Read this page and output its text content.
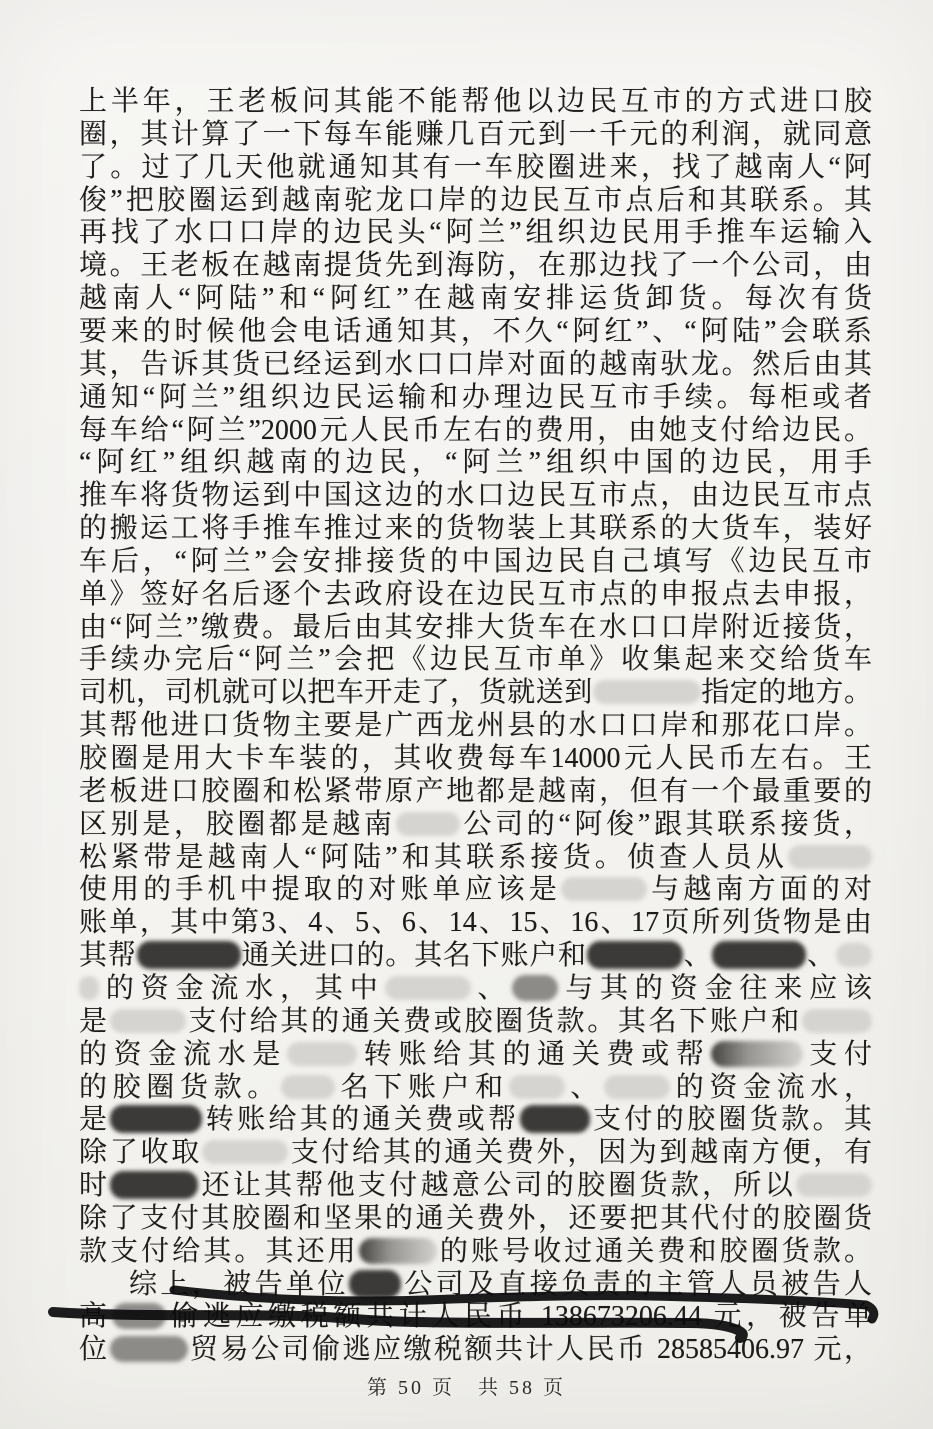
上半年，王老板问其能不能帮他以边民互市的方式进口胶
圈，其计算了一下每车能赚几百元到一千元的利润，就同意
了。过了几天他就通知其有一车胶圈进来，找了越南人“阿
俊”把胶圈运到越南驼龙口岸的边民互市点后和其联系。其
再找了水口口岸的边民头“阿兰”组织边民用手推车运输入
境。王老板在越南提货先到海防，在那边找了一个公司，由
越南人“阿陆”和“阿红”在越南安排运货卸货。每次有货
要来的时候他会电话通知其，不久“阿红”、“阿陆”会联系
其，告诉其货已经运到水口口岸对面的越南驮龙。然后由其
通知“阿兰”组织边民运输和办理边民互市手续。每柜或者
每车给“阿兰”2000元人民币左右的费用，由她支付给边民。
“阿红”组织越南的边民，“阿兰”组织中国的边民，用手
推车将货物运到中国这边的水口边民互市点，由边民互市点
的搬运工将手推车推过来的货物装上其联系的大货车，装好
车后，“阿兰”会安排接货的中国边民自己填写《边民互市
单》签好名后逐个去政府设在边民互市点的申报点去申报，
由“阿兰”缴费。最后由其安排大货车在水口口岸附近接货，
手续办完后“阿兰”会把《边民互市单》收集起来交给货车
司机，司机就可以把车开走了，货就送到	指定的地方。
其帮他进口货物主要是广西龙州县的水口口岸和那花口岸。
胶圈是用大卡车装的，其收费每车14000元人民币左右。王
老板进口胶圈和松紧带原产地都是越南，但有一个最重要的
区别是，胶圈都是越南 公司的“阿俊”跟其联系接货，
松紧带是越南人“阿陆”和其联系接货。侦查人员从
使用的手机中提取的对账单应该是	与越南方面的对
账单，其中第3、4、5、6、14、15、16、17页所列货物是由
其帮	通关进口的。其名下账户和	、	、
的资金流水，其中	、 与其的资金往来应该
是	支付给其的通关费或胶圈货款。其名下账户和
的资金流水是	转账给其的通关费或帮	支付
的胶圈货款。 名下账户和 、 的资金流水，
是	转账给其的通关费或帮	支付的胶圈货款。其
除了收取	支付给其的通关费外，因为到越南方便，有
时	还让其帮他支付越意公司的胶圈货款，所以
除了支付其胶圈和坚果的通关费外，还要把其代付的胶圈货
款支付给其。其还用	的账号收过通关费和胶圈货款。
综上，被告单位 公司及直接负责的主管人员被告人
高 偷逃应缴税额共计人民币 138673206.44 元，被告单
位	贸易公司偷逃应缴税额共计人民币 28585406.97 元，
第 50 页 共 58 页
